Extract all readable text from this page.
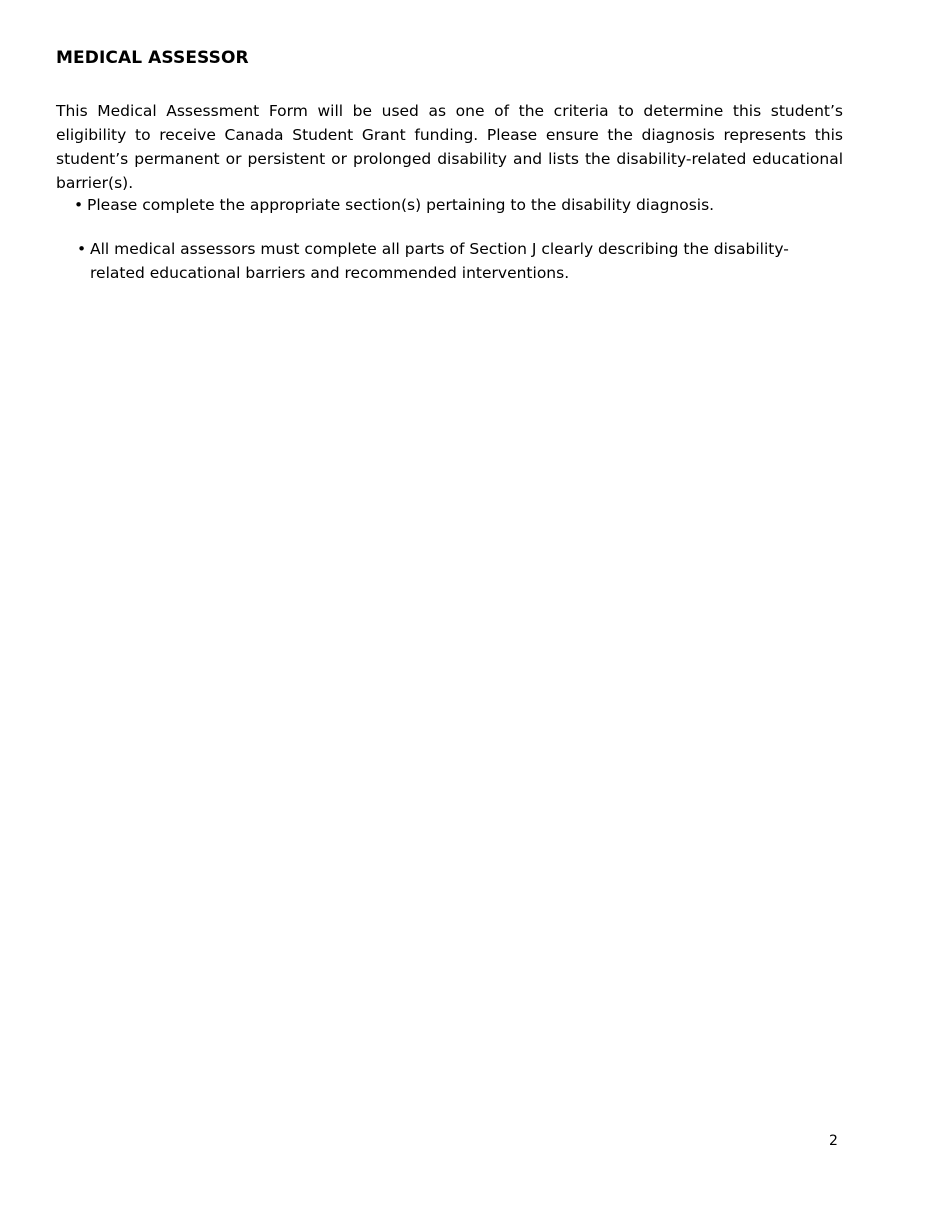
MEDICAL ASSESSOR

This Medical Assessment Form will be used as one of the criteria to determine this student’s eligibility to receive Canada Student Grant funding. Please ensure the diagnosis represents this student’s permanent or persistent or prolonged disability and lists the disability-related educational barrier(s).

• Please complete the appropriate section(s) pertaining to the disability diagnosis.
• All medical assessors must complete all parts of Section J clearly describing the disability-related educational barriers and recommended interventions.
2
